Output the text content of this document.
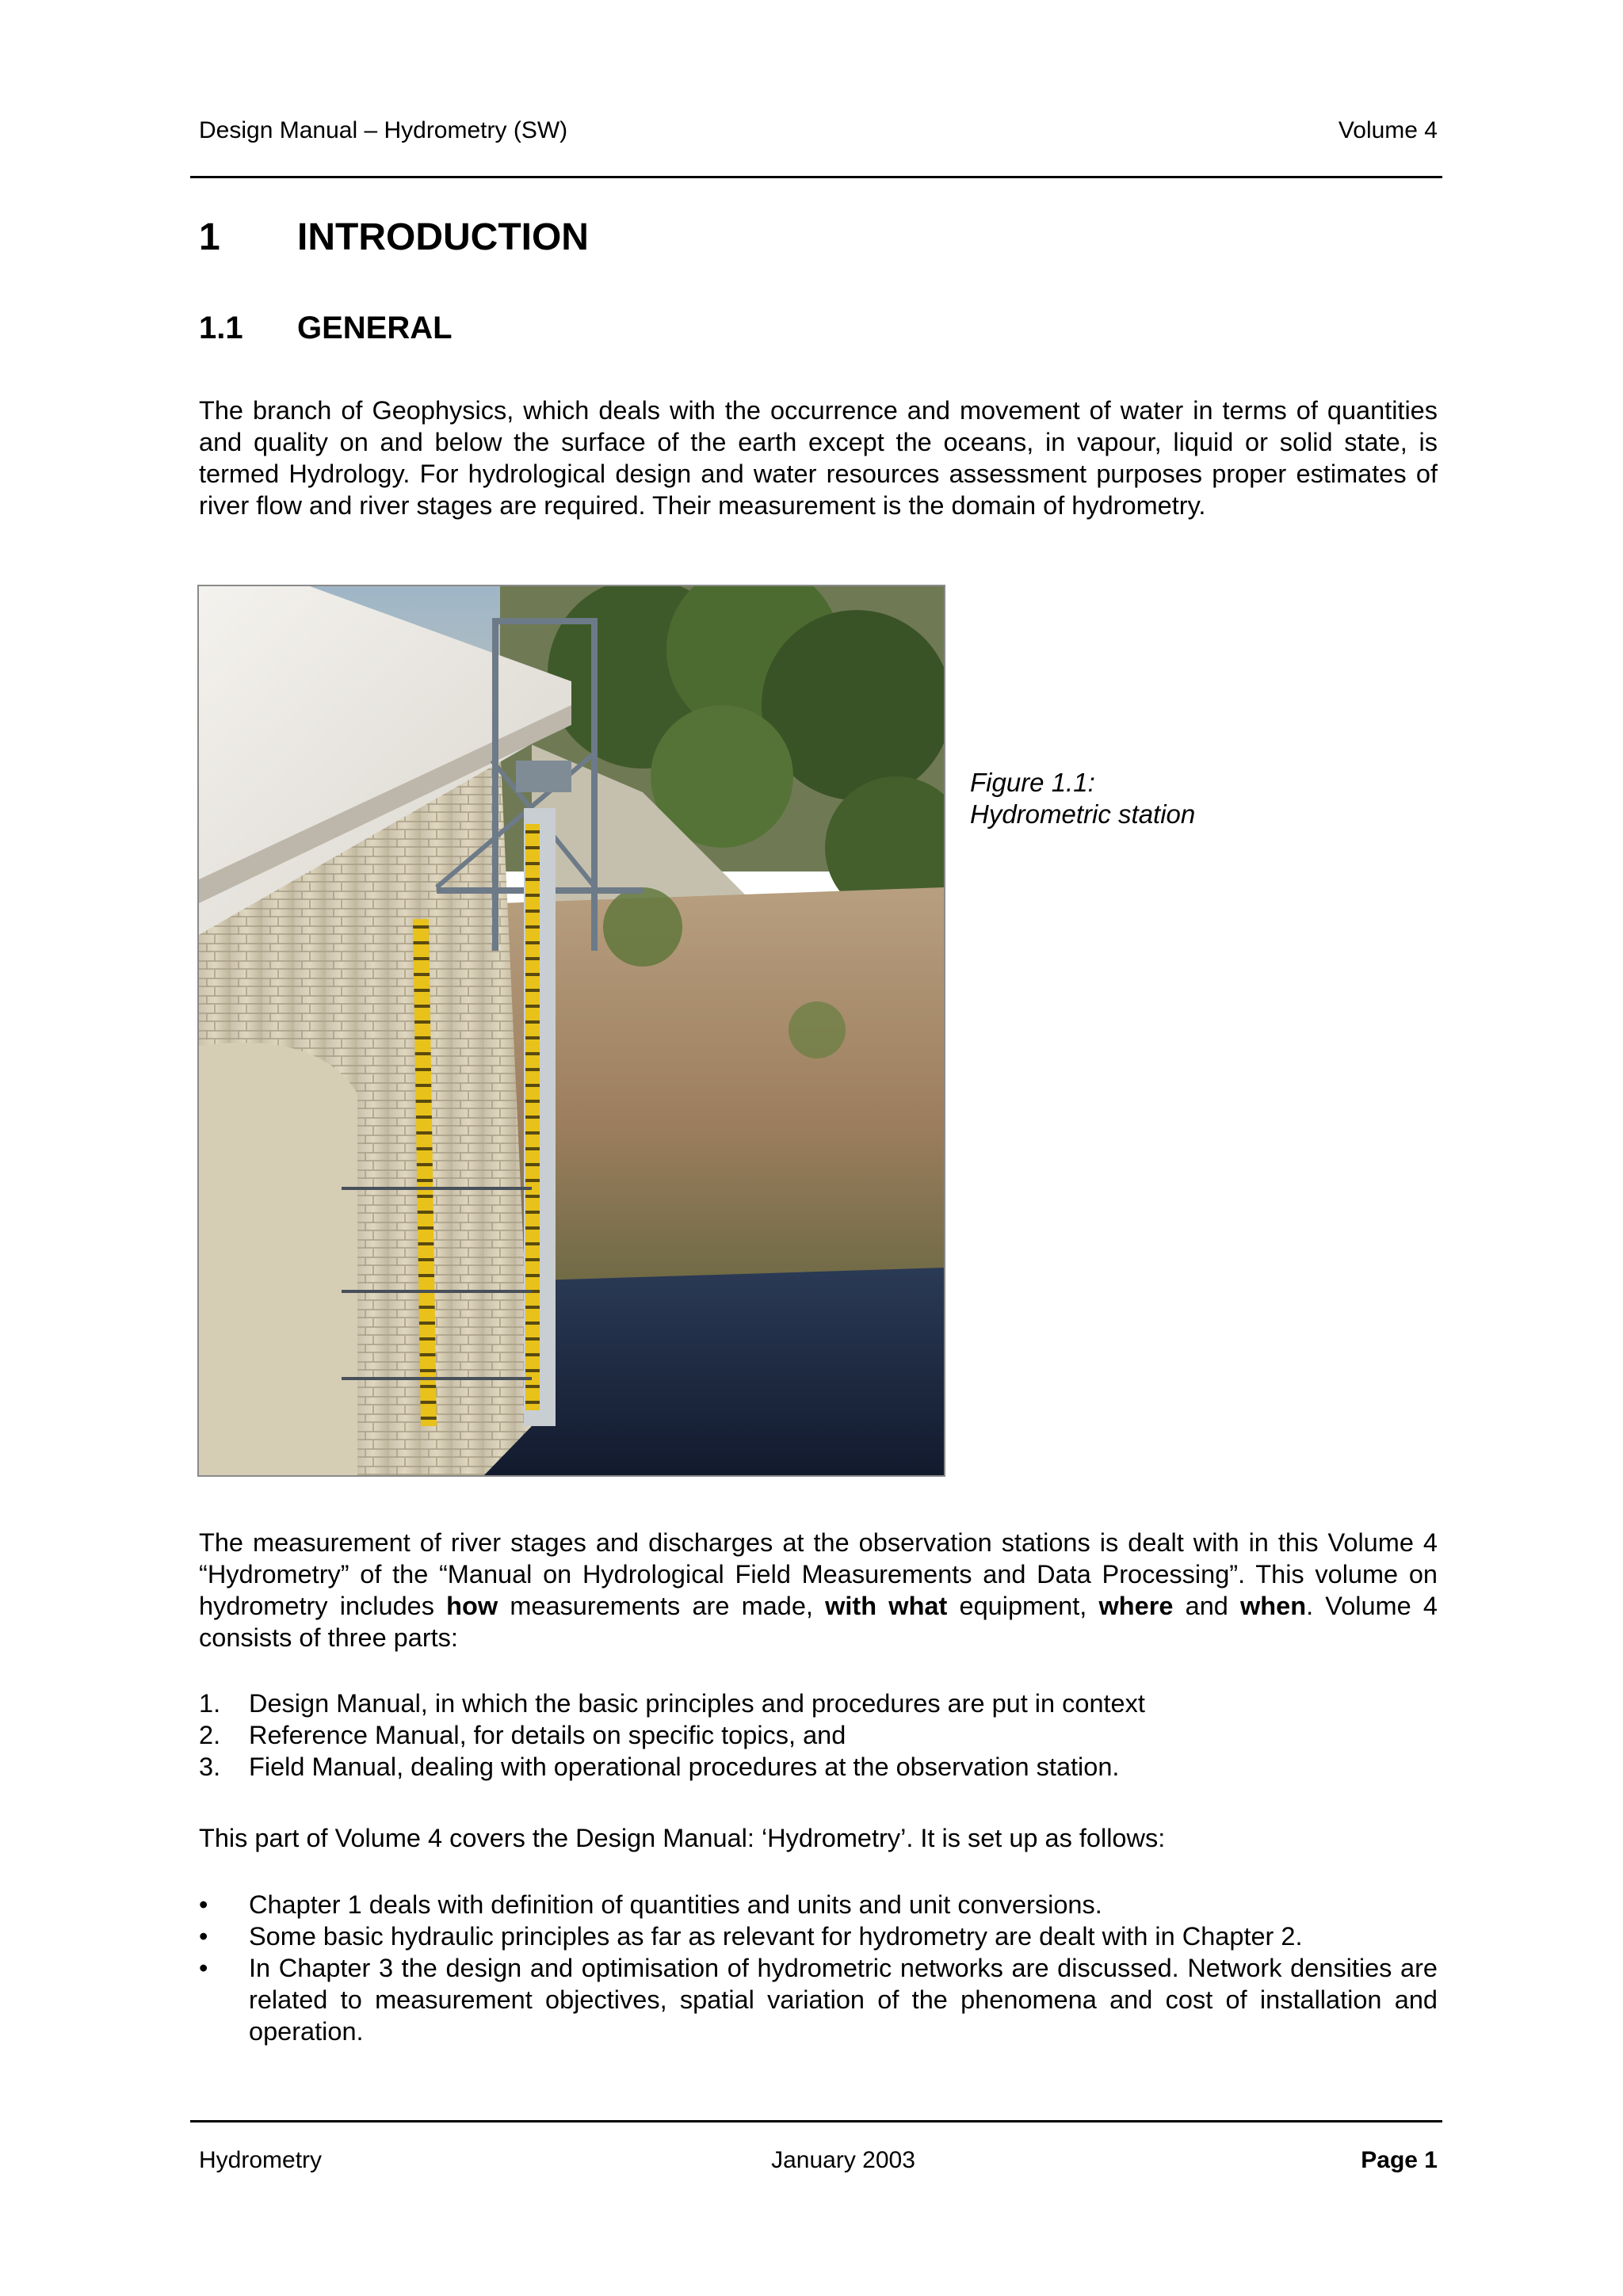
Design Manual – Hydrometry (SW)	Volume 4
1 INTRODUCTION
1.1 GENERAL

The branch of Geophysics, which deals with the occurrence and movement of water in terms of quantities and quality on and below the surface of the earth except the oceans, in vapour, liquid or solid state, is termed Hydrology. For hydrological design and water resources assessment purposes proper estimates of river flow and river stages are required. Their measurement is the domain of hydrometry.

Figure 1.1:
Hydrometric station

The measurement of river stages and discharges at the observation stations is dealt with in this Volume 4 “Hydrometry” of the “Manual on Hydrological Field Measurements and Data Processing”. This volume on hydrometry includes how measurements are made, with what equipment, where and when. Volume 4 consists of three parts:

1. Design Manual, in which the basic principles and procedures are put in context
2. Reference Manual, for details on specific topics, and
3. Field Manual, dealing with operational procedures at the observation station.

This part of Volume 4 covers the Design Manual: ‘Hydrometry’. It is set up as follows:

• Chapter 1 deals with definition of quantities and units and unit conversions.
• Some basic hydraulic principles as far as relevant for hydrometry are dealt with in Chapter 2.
• In Chapter 3 the design and optimisation of hydrometric networks are discussed. Network densities are related to measurement objectives, spatial variation of the phenomena and cost of installation and operation.
Hydrometry	January 2003	Page 1
